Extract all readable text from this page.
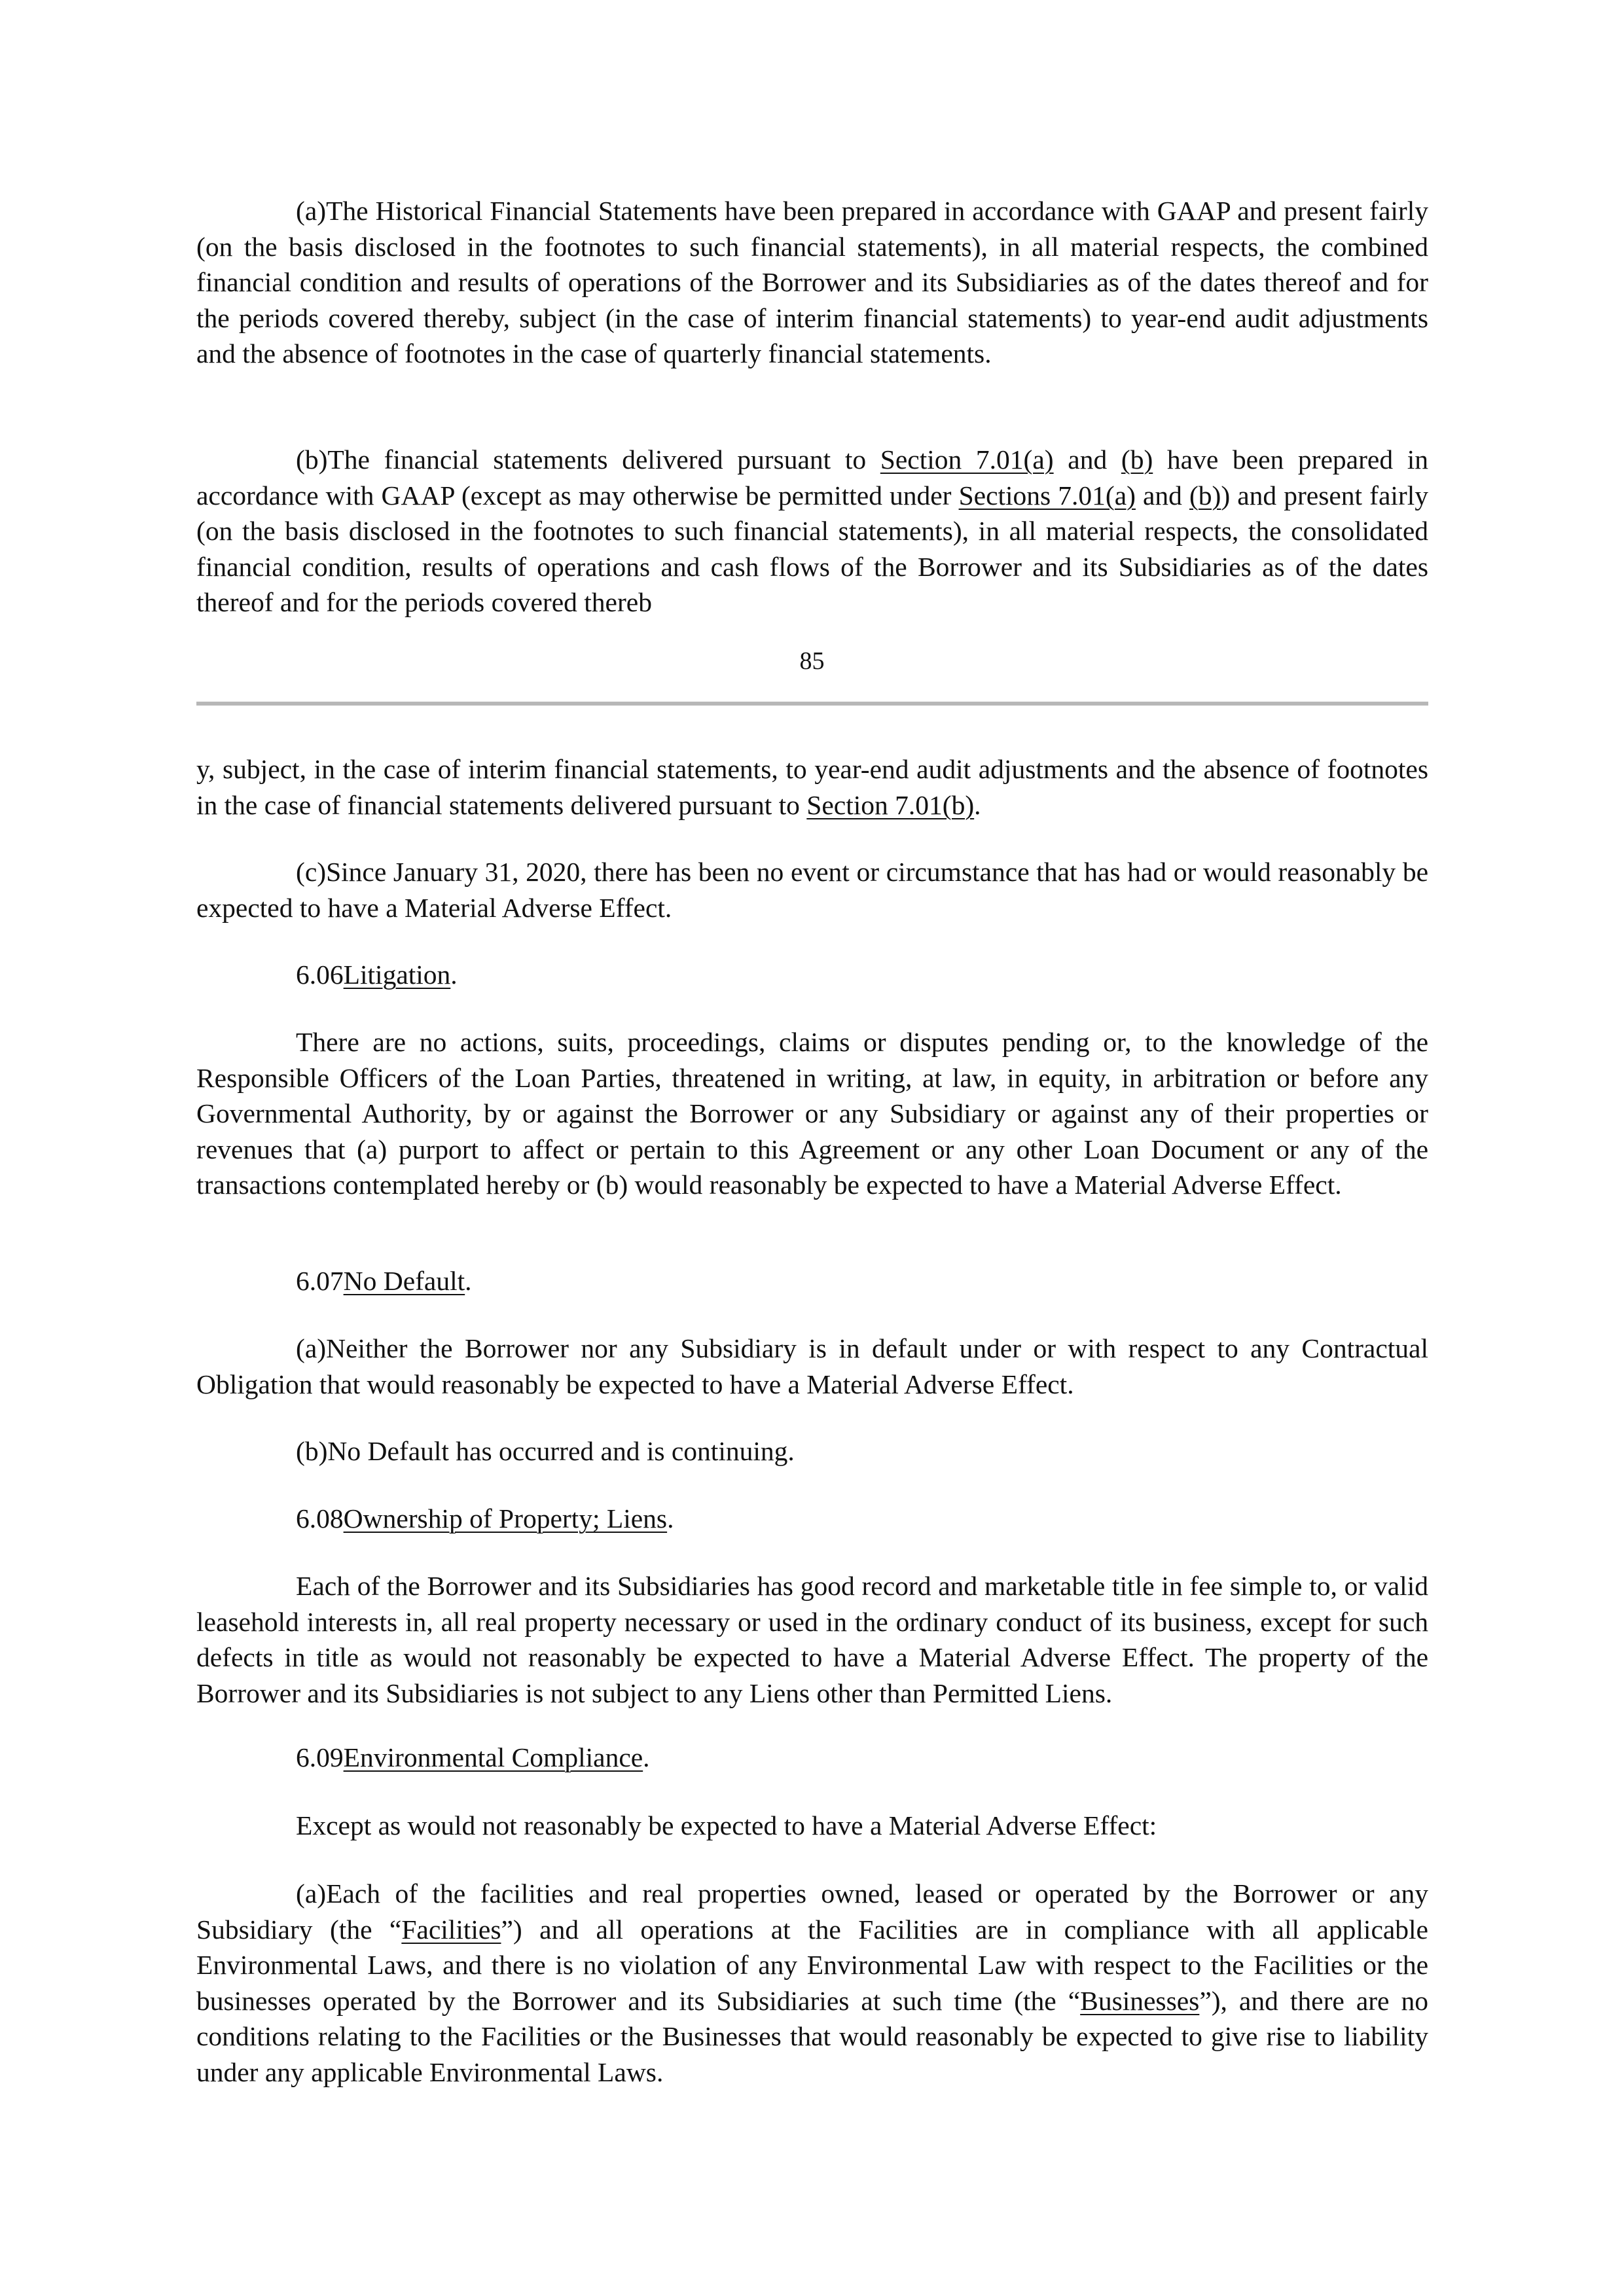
(a)The Historical Financial Statements have been prepared in accordance with GAAP and present fairly (on the basis disclosed in the footnotes to such financial statements), in all material respects, the combined financial condition and results of operations of the Borrower and its Subsidiaries as of the dates thereof and for the periods covered thereby, subject (in the case of interim financial statements) to year-end audit adjustments and the absence of footnotes in the case of quarterly financial statements.

(b)The financial statements delivered pursuant to Section 7.01(a) and (b) have been prepared in accordance with GAAP (except as may otherwise be permitted under Sections 7.01(a) and (b)) and present fairly (on the basis disclosed in the footnotes to such financial statements), in all material respects, the consolidated financial condition, results of operations and cash flows of the Borrower and its Subsidiaries as of the dates thereof and for the periods covered thereb

85

y, subject, in the case of interim financial statements, to year-end audit adjustments and the absence of footnotes in the case of financial statements delivered pursuant to Section 7.01(b).

(c)Since January 31, 2020, there has been no event or circumstance that has had or would reasonably be expected to have a Material Adverse Effect.

6.06Litigation.

There are no actions, suits, proceedings, claims or disputes pending or, to the knowledge of the Responsible Officers of the Loan Parties, threatened in writing, at law, in equity, in arbitration or before any Governmental Authority, by or against the Borrower or any Subsidiary or against any of their properties or revenues that (a) purport to affect or pertain to this Agreement or any other Loan Document or any of the transactions contemplated hereby or (b) would reasonably be expected to have a Material Adverse Effect.

6.07No Default.

(a)Neither the Borrower nor any Subsidiary is in default under or with respect to any Contractual Obligation that would reasonably be expected to have a Material Adverse Effect.

(b)No Default has occurred and is continuing.

6.08Ownership of Property; Liens.

Each of the Borrower and its Subsidiaries has good record and marketable title in fee simple to, or valid leasehold interests in, all real property necessary or used in the ordinary conduct of its business, except for such defects in title as would not reasonably be expected to have a Material Adverse Effect. The property of the Borrower and its Subsidiaries is not subject to any Liens other than Permitted Liens.

6.09Environmental Compliance.

Except as would not reasonably be expected to have a Material Adverse Effect:

(a)Each of the facilities and real properties owned, leased or operated by the Borrower or any Subsidiary (the “Facilities”) and all operations at the Facilities are in compliance with all applicable Environmental Laws, and there is no violation of any Environmental Law with respect to the Facilities or the businesses operated by the Borrower and its Subsidiaries at such time (the “Businesses”), and there are no conditions relating to the Facilities or the Businesses that would reasonably be expected to give rise to liability under any applicable Environmental Laws.
